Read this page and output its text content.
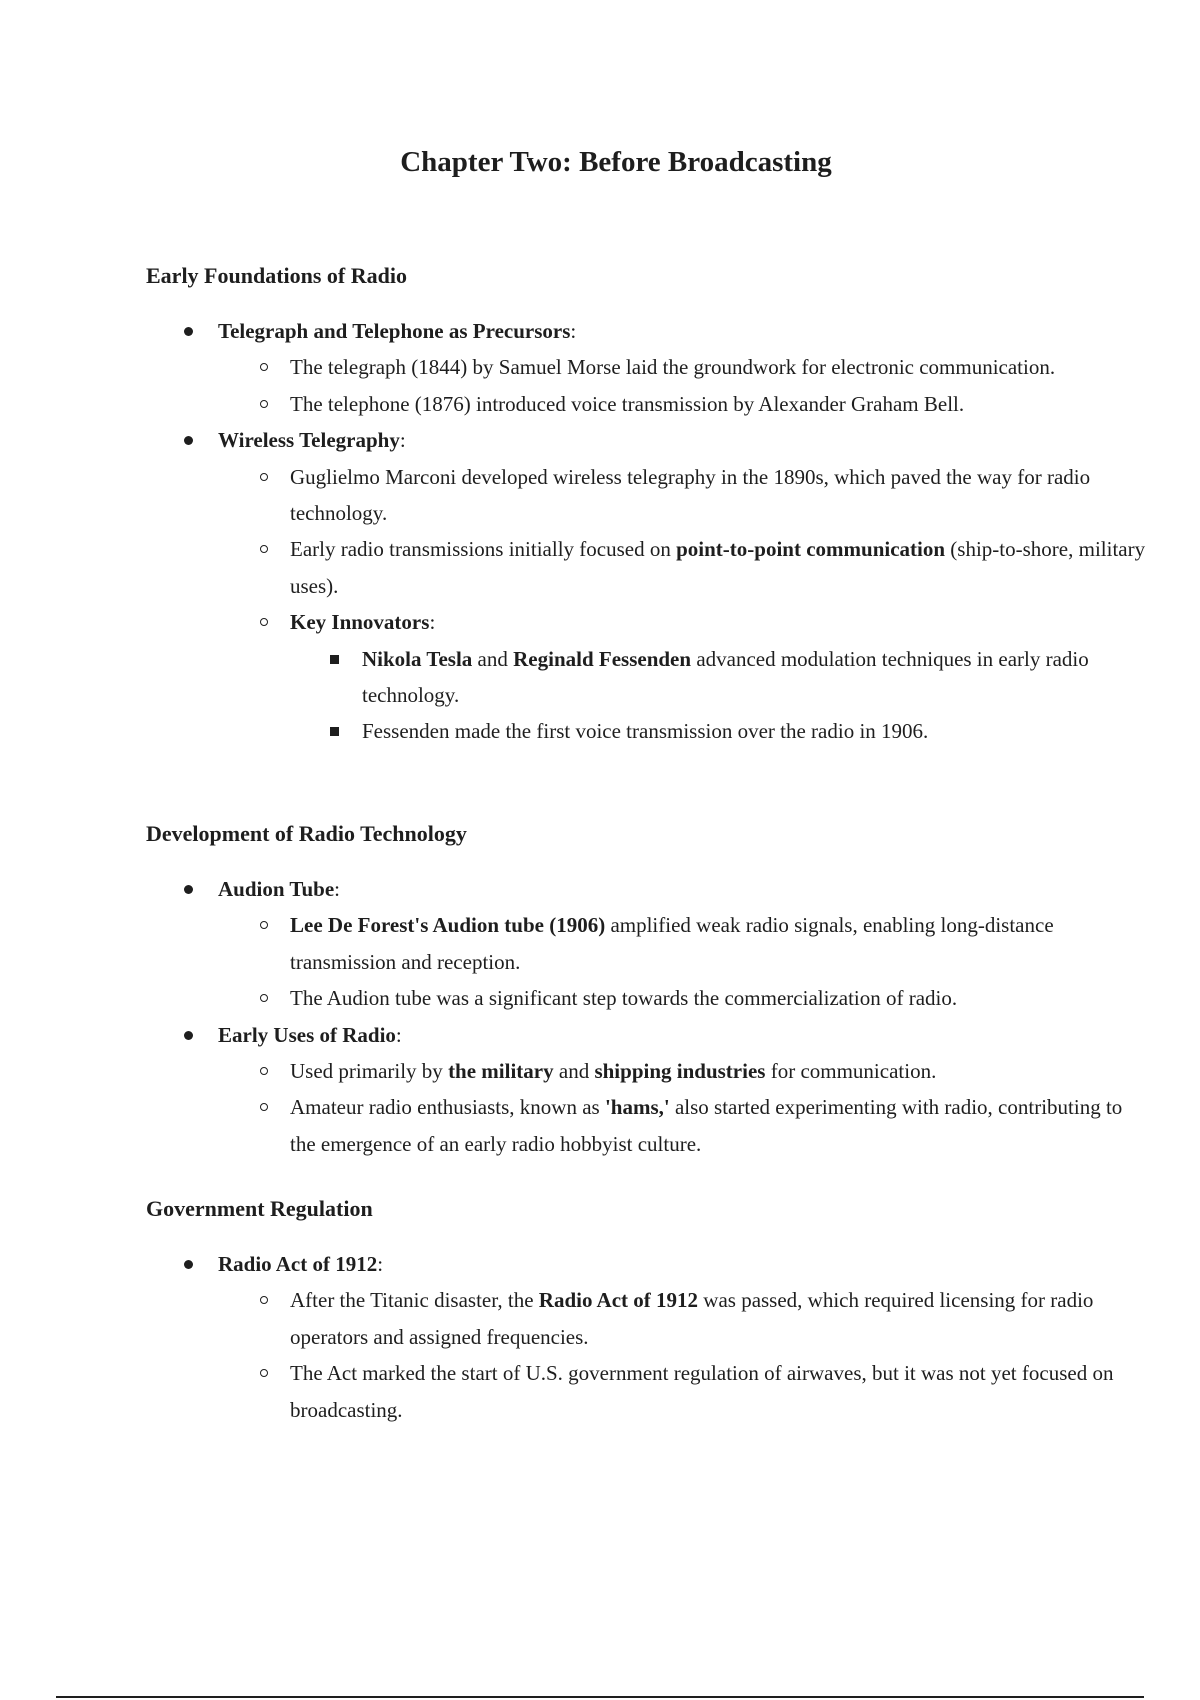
Chapter Two: Before Broadcasting
Early Foundations of Radio
Telegraph and Telephone as Precursors:
The telegraph (1844) by Samuel Morse laid the groundwork for electronic communication.
The telephone (1876) introduced voice transmission by Alexander Graham Bell.
Wireless Telegraphy:
Guglielmo Marconi developed wireless telegraphy in the 1890s, which paved the way for radio technology.
Early radio transmissions initially focused on point-to-point communication (ship-to-shore, military uses).
Key Innovators:
Nikola Tesla and Reginald Fessenden advanced modulation techniques in early radio technology.
Fessenden made the first voice transmission over the radio in 1906.
Development of Radio Technology
Audion Tube:
Lee De Forest's Audion tube (1906) amplified weak radio signals, enabling long-distance transmission and reception.
The Audion tube was a significant step towards the commercialization of radio.
Early Uses of Radio:
Used primarily by the military and shipping industries for communication.
Amateur radio enthusiasts, known as 'hams,' also started experimenting with radio, contributing to the emergence of an early radio hobbyist culture.
Government Regulation
Radio Act of 1912:
After the Titanic disaster, the Radio Act of 1912 was passed, which required licensing for radio operators and assigned frequencies.
The Act marked the start of U.S. government regulation of airwaves, but it was not yet focused on broadcasting.
